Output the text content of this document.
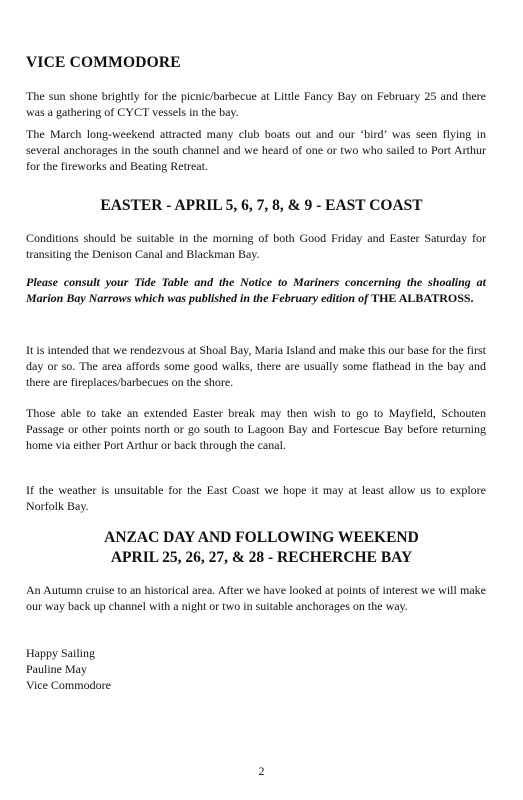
VICE COMMODORE
The sun shone brightly for the picnic/barbecue at Little Fancy Bay on February 25 and there was a gathering of CYCT vessels in the bay.
The March long-weekend attracted many club boats out and our ‘bird’ was seen flying in several anchorages in the south channel and we heard of one or two who sailed to Port Arthur for the fireworks and Beating Retreat.
EASTER - APRIL 5, 6, 7, 8, & 9 - EAST COAST
Conditions should be suitable in the morning of both Good Friday and Easter Saturday for transiting the Denison Canal and Blackman Bay.
Please consult your Tide Table and the Notice to Mariners concerning the shoaling at Marion Bay Narrows which was published in the February edition of THE ALBATROSS.
It is intended that we rendezvous at Shoal Bay, Maria Island and make this our base for the first day or so. The area affords some good walks, there are usually some flathead in the bay and there are fireplaces/barbecues on the shore.
Those able to take an extended Easter break may then wish to go to Mayfield, Schouten Passage or other points north or go south to Lagoon Bay and Fortescue Bay before returning home via either Port Arthur or back through the canal.
If the weather is unsuitable for the East Coast we hope it may at least allow us to explore Norfolk Bay.
ANZAC DAY AND FOLLOWING WEEKEND
APRIL 25, 26, 27, & 28 - RECHERCHE BAY
An Autumn cruise to an historical area. After we have looked at points of interest we will make our way back up channel with a night or two in suitable anchorages on the way.
Happy Sailing
Pauline May
Vice Commodore
2
